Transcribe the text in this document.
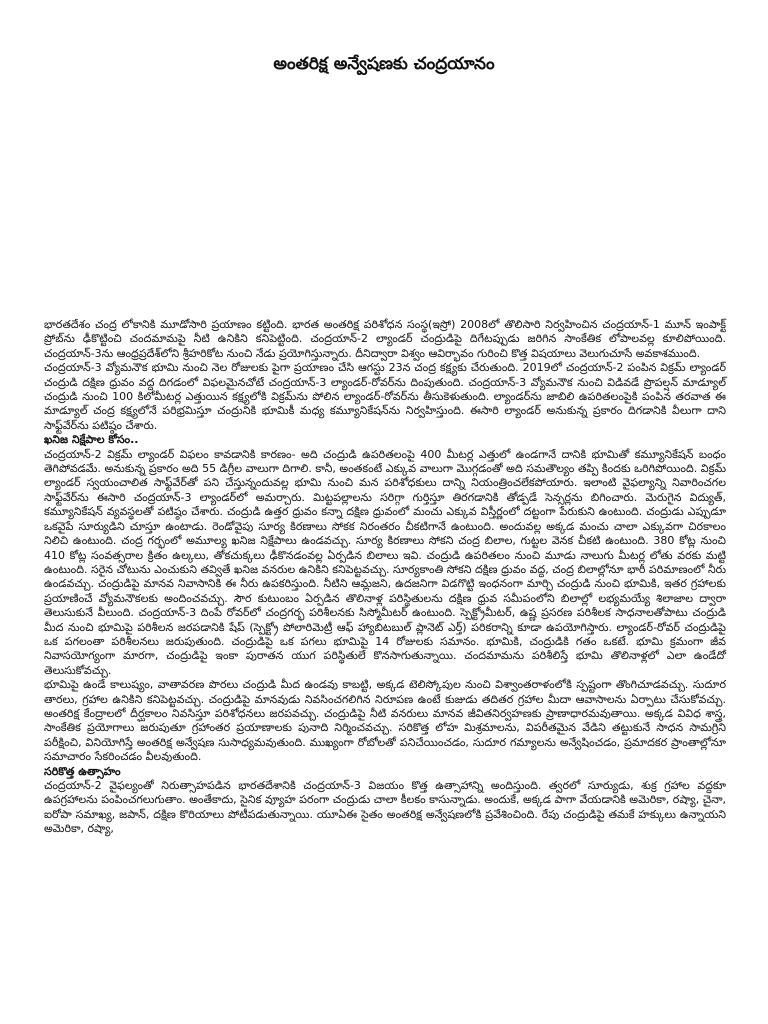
అంతరిక్ష అన్వేషణకు చంద్రయానం

భారతదేశం చంద్ర లోకానికి మూడోసారి ప్రయాణం కట్టింది. భారత అంతరిక్ష పరిశోధన సంస్థ(ఇస్రో) 2008లో తొలిసారి నిర్వహించిన చంద్రయాన్-1 మూన్ ఇంపాక్ట్ ప్రోబ్‌ను ఢీకొట్టించి చందమామపై నీటి ఉనికిని కనిపెట్టింది. చంద్రయాన్-2 ల్యాండర్ చంద్రుడిపై దిగేటప్పుడు జరిగిన సాంకేతిక లోపాలవల్ల కూలిపోయింది. చంద్రయాన్-3ను ఆంధ్రప్రదేశ్‌లోని శ్రీహరికోట నుంచి నేడు ప్రయోగిస్తున్నారు. దీనిద్వారా విశ్వం ఆవిర్భావం గురించి కొత్త విషయాలు వెలుగుచూసే అవకాశముంది.

చంద్రయాన్-3 వ్యోమనౌక భూమి నుంచి నెల రోజులకు పైగా ప్రయాణం చేసి ఆగస్టు 23న చంద్ర కక్ష్యకు చేరుతుంది. 2019లో చంద్రయాన్-2 పంపిన విక్రమ్ ల్యాండర్ చంద్రుడి దక్షిణ ధ్రువం వద్ద దిగడంలో విఫలమైనచోటే చంద్రయాన్-3 ల్యాండర్-రోవర్‌ను దింపుతుంది. చంద్రయాన్-3 వ్యోమనౌక నుంచి విడివడే ప్రొపల్షన్ మాడ్యూల్ చంద్రుడి నుంచి 100 కిలోమీటర్ల ఎత్తుయిన కక్ష్యలోకి విక్రమ్‌ను పోలిన ల్యాండర్-రోవర్‌ను తీసుకెళుతుంది. ల్యాండర్‌ను జాబిలి ఉపరితలంపైకి పంపిన తరవాత ఈ మాడ్యూల్ చంద్ర కక్ష్యలోనే పరిభ్రమిస్తూ చంద్రునికి భూమికీ మధ్య కమ్యూనికేషన్‌ను నిర్వహిస్తుంది. ఈసారి ల్యాండర్ అనుకున్న ప్రకారం దిగడానికి వీలుగా దాని సాఫ్ట్‌వేర్‌ను పటిష్ఠం చేశారు.

ఖనిజ నిక్షేపాల కోసం..

చంద్రయాన్-2 విక్రమ్ ల్యాండర్ విఫలం కావడానికి కారణం- అది చంద్రుడి ఉపరితలంపై 400 మీటర్ల ఎత్తులో ఉండగానే దానికి భూమితో కమ్యూనికేషన్ బంధం తెగిపోవడమే. అనుకున్న ప్రకారం అది 55 డిగ్రీల వాలుగా దిగాలి. కానీ, అంతకంటే ఎక్కువ వాలుగా మొగ్గడంతో అది సమతౌల్యం తప్పి కిందకు ఒరిగిపోయింది. విక్రమ్ ల్యాండర్ స్వయంచాలిత సాఫ్ట్‌వేర్‌తో పని చేస్తున్నందువల్ల భూమి నుంచి మన పరిశోధకులు దాన్ని నియంత్రించలేకపోయారు. ఇలాంటి వైఫల్యాన్ని నివారించగల సాఫ్ట్‌వేర్‌ను ఈసారి చంద్రయాన్-3 ల్యాండర్‌లో అమర్చారు. మిట్టపల్లాలను సరిగ్గా గుర్తిస్తూ తిరగడానికి తోడ్పడే సెన్సర్లను బిగించారు. మెరుగైన విద్యుత్, కమ్యూనికేషన్ వ్యవస్థలతో పటిష్ఠం చేశారు. చంద్రుడి ఉత్తర ధ్రువం కన్నా దక్షిణ ధ్రువంలో మంచు ఎక్కువ విస్తీర్ణంలో దట్టంగా పేరుకుని ఉంటుంది. చంద్రుడు ఎప్పుడూ ఒకవైపే సూర్యుడిని చూస్తూ ఉంటాడు. రెండోవైపు సూర్య కిరణాలు సోకక నిరంతరం చీకటిగానే ఉంటుంది. అందువల్ల అక్కడ మంచు చాలా ఎక్కువగా చిరకాలం నిలిచి ఉంటుంది. చంద్ర గర్భంలో అమూల్య ఖనిజ నిక్షేపాలు ఉండవచ్చు. సూర్య కిరణాలు సోకని చంద్ర బిలాల, గుట్టల వెనక చీకటి ఉంటుంది. 380 కోట్ల నుంచి 410 కోట్ల సంవత్సరాల క్రితం ఉల్కలు, తోకచుక్కలు ఢీకొనడంవల్ల ఏర్పడిన బిలాలు ఇవి. చంద్రుడి ఉపరితలం నుంచి మూడు నాలుగు మీటర్ల లోతు వరకు మట్టి ఉంటుంది. సరైన చోటును ఎంచుకుని తవ్వితే ఖనిజ వనరుల ఉనికిని కనిపెట్టవచ్చు. సూర్యకాంతి సోకని దక్షిణ ధ్రువం వద్ద, చంద్ర బిలాల్లోనూ భారీ పరిమాణంలో నీరు ఉండవచ్చు. చంద్రుడిపై మానవ నివాసానికి ఈ నీరు ఉపకరిస్తుంది. నీటిని ఆమ్లజని, ఉదజనిగా విడగొట్టి ఇంధనంగా మార్చి చంద్రుడి నుంచి భూమికి, ఇతర గ్రహాలకు ప్రయాణించే వ్యోమనౌకలకు అందించవచ్చు. సౌర కుటుంబం ఏర్పడిన తొలినాళ్ల పరిస్థితులను దక్షిణ ధ్రువ సమీపంలోని బిలాల్లో లభ్యమయ్యే శిలాజాల ద్వారా తెలుసుకునే వీలుంది. చంద్రయాన్-3 దింపే రోవర్‌లో చంద్రగర్భ పరిశీలనకు సిస్మోమీటర్ ఉంటుంది. స్పెక్ట్రోమీటర్, ఉష్ణ ప్రసరణ పరిశీలక సాధనాలతోపాటు చంద్రుడి మీద నుంచి భూమిపై పరిశీలన జరపడానికి షేప్ (స్పెక్ట్రో పోలారిమెట్రీ ఆఫ్ హ్యాబిటబుల్ ప్లానెట్ ఎర్త్) పరికరాన్ని కూడా ఉపయోగిస్తారు. ల్యాండర్-రోవర్ చంద్రుడిపై ఒక పగలంతా పరిశీలనలు జరుపుతుంది. చంద్రుడిపై ఒక పగలు భూమిపై 14 రోజులకు సమానం. భూమికి, చంద్రుడికి గతం ఒకటే. భూమి క్రమంగా జీవ నివాసయోగ్యంగా మారగా, చంద్రుడిపై ఇంకా పురాతన యుగ పరిస్థితులే కొనసాగుతున్నాయి. చందమామను పరిశీలిస్తే భూమి తొలినాళ్లలో ఎలా ఉండేదో తెలుసుకోవచ్చు.

భూమిపై ఉండే కాలుష్యం, వాతావరణ పొరలు చంద్రుడి మీద ఉండవు కాబట్టి, అక్కడ టెలిస్కోపుల నుంచి విశ్వాంతరాళంలోకి స్పష్టంగా తొంగిచూడవచ్చు. సుదూర తారలు, గ్రహాల ఉనికిని కనిపెట్టవచ్చు. చంద్రుడిపై మానవుడు నివసించగలిగిన నిరూపణ ఉంటే కుజుడు తదితర గ్రహాల మీదా ఆవాసాలను ఏర్పాటు చేసుకోవచ్చు. అంతరిక్ష కేంద్రాలలో దీర్ఘకాలం నివసిస్తూ పరిశోధనలు జరపవచ్చు. చంద్రుడిపై నీటి వనరులు మానవ జీవితనిర్వహణకు ప్రాణాధారమవుతాయి. అక్కడ వివిధ శాస్త్ర, సాంకేతిక ప్రయోగాలు జరుపుతూ గ్రహాంతర ప్రయాణాలకు పునాది నిర్మించవచ్చు. సరికొత్త లోహ మిశ్రమాలను, విపరీతమైన వేడిని తట్టుకునే సాధన సామగ్రిని పరీక్షించి, వినియోగిస్తే అంతరిక్ష అన్వేషణ సుసాధ్యమవుతుంది. ముఖ్యంగా రోబోలతో పనిచేయించడం, సుదూర గమ్యాలను అన్వేషించడం, ప్రమాదకర ప్రాంతాల్లోనూ సమాచారం సేకరించడం వీలవుతుంది.

సరికొత్త ఉత్సాహం

చంద్రయాన్-2 వైఫల్యంతో నిరుత్సాహపడిన భారతదేశానికి చంద్రయాన్-3 విజయం కొత్త ఉత్సాహాన్ని అందిస్తుంది. త్వరలో సూర్యుడు, శుక్ర గ్రహాల వద్దకూ ఉపగ్రహాలను పంపించగలుగుతాం. అంతేకాదు, సైనిక వ్యూహ పరంగా చంద్రుడు చాలా కీలకం కాసున్నాడు. అందుకే, అక్కడ పాగా వేయడానికి అమెరికా, రష్యా, చైనా, ఐరోపా సమాఖ్య, జపాన్, దక్షిణ కొరియాలు పోటీపడుతున్నాయి. యూఏఈ సైతం అంతరిక్ష అన్వేషణలోకి ప్రవేశించింది. రేపు చంద్రుడిపై తమకే హక్కులు ఉన్నాయని అమెరికా, రష్యా,
